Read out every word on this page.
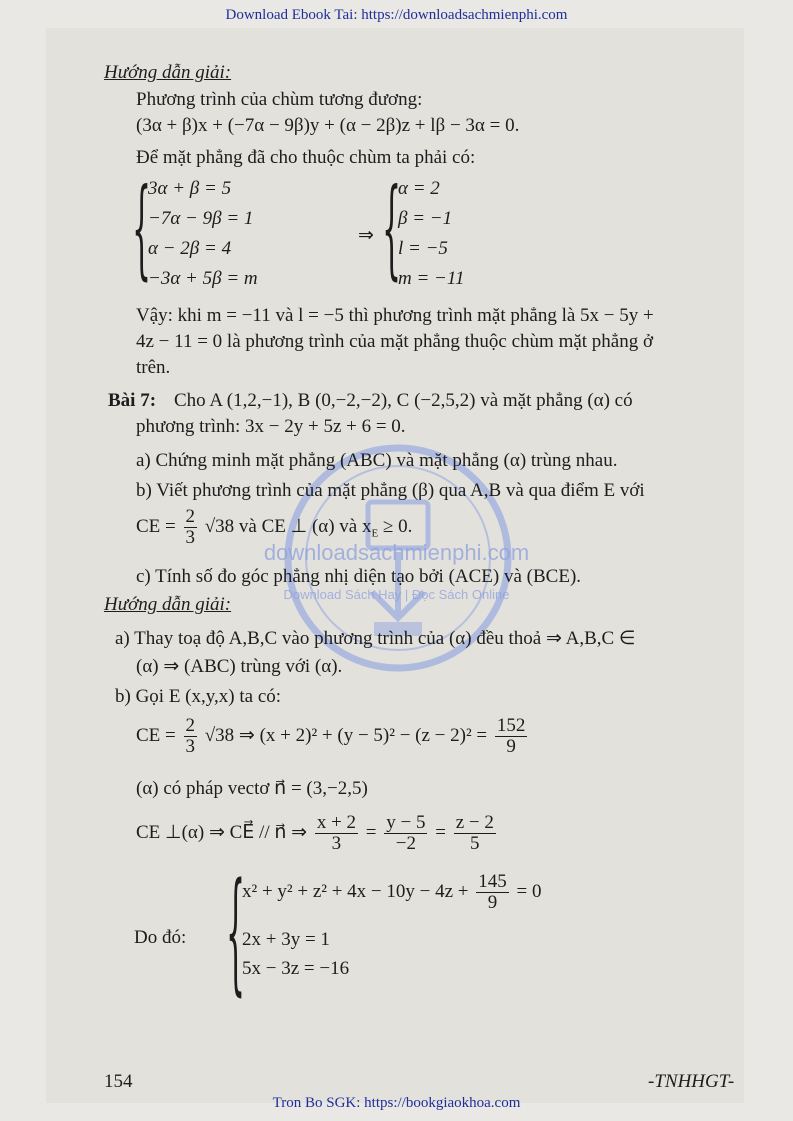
Download Ebook Tai: https://downloadsachmienphi.com
downloadsachmienphi.com
Download Sách Hay | Đọc Sách Online
Hướng dẫn giải:
Phương trình của chùm tương đương:
(3α + β)x + (−7α − 9β)y + (α − 2β)z + lβ − 3α = 0.
Để mặt phẳng đã cho thuộc chùm ta phải có:
{
3α + β = 5
−7α − 9β = 1
α − 2β = 4
−3α + 5β = m
⇒ {
α = 2
β = −1
l = −5
m = −11
Vậy: khi m = −11 và l = −5 thì phương trình mặt phẳng là 5x − 5y +
4z − 11 = 0 là phương trình của mặt phẳng thuộc chùm mặt phẳng ở
trên.
Bài 7: Cho A (1,2,−1), B (0,−2,−2), C (−2,5,2) và mặt phẳng (α) có
phương trình: 3x − 2y + 5z + 6 = 0.
a) Chứng minh mặt phẳng (ABC) và mặt phẳng (α) trùng nhau.
b) Viết phương trình của mặt phẳng (β) qua A,B và qua điểm E với
CE = $\frac{2}{3} √38$ và CE ⊥ (α) và $x_E \ge 0$.
c) Tính số đo góc phẳng nhị diện tạo bởi (ACE) và (BCE).
Hướng dẫn giải:
a) Thay toạ độ A,B,C vào phương trình của (α) đều thoả ⇒ A,B,C ∈
(α) ⇒ (ABC) trùng với (α).
b) Gọi E (x,y,x) ta có:
CE = $\frac{2}{3} √38$ ⇒ $(x + 2)^2 + (y - 5)^2 - (z - 2)^2 = \frac{152}{9}$
(α) có pháp vectơ n⃗ = (3,−2,5)
CE ⊥(α) ⇒ CE⃗ // n⃗ ⇒ $\frac{x + 2}{3} = \frac{y - 5}{-2} = \frac{z - 2}{5}$
Do đó: {
$x^2 + y^2 + z^2 + 4x - 10y - 4z + \frac{145}{9} = 0$
2x + 3y = 1
5x − 3z = −16
154	-TNHHGT-
Tron Bo SGK: https://bookgiaokhoa.com
